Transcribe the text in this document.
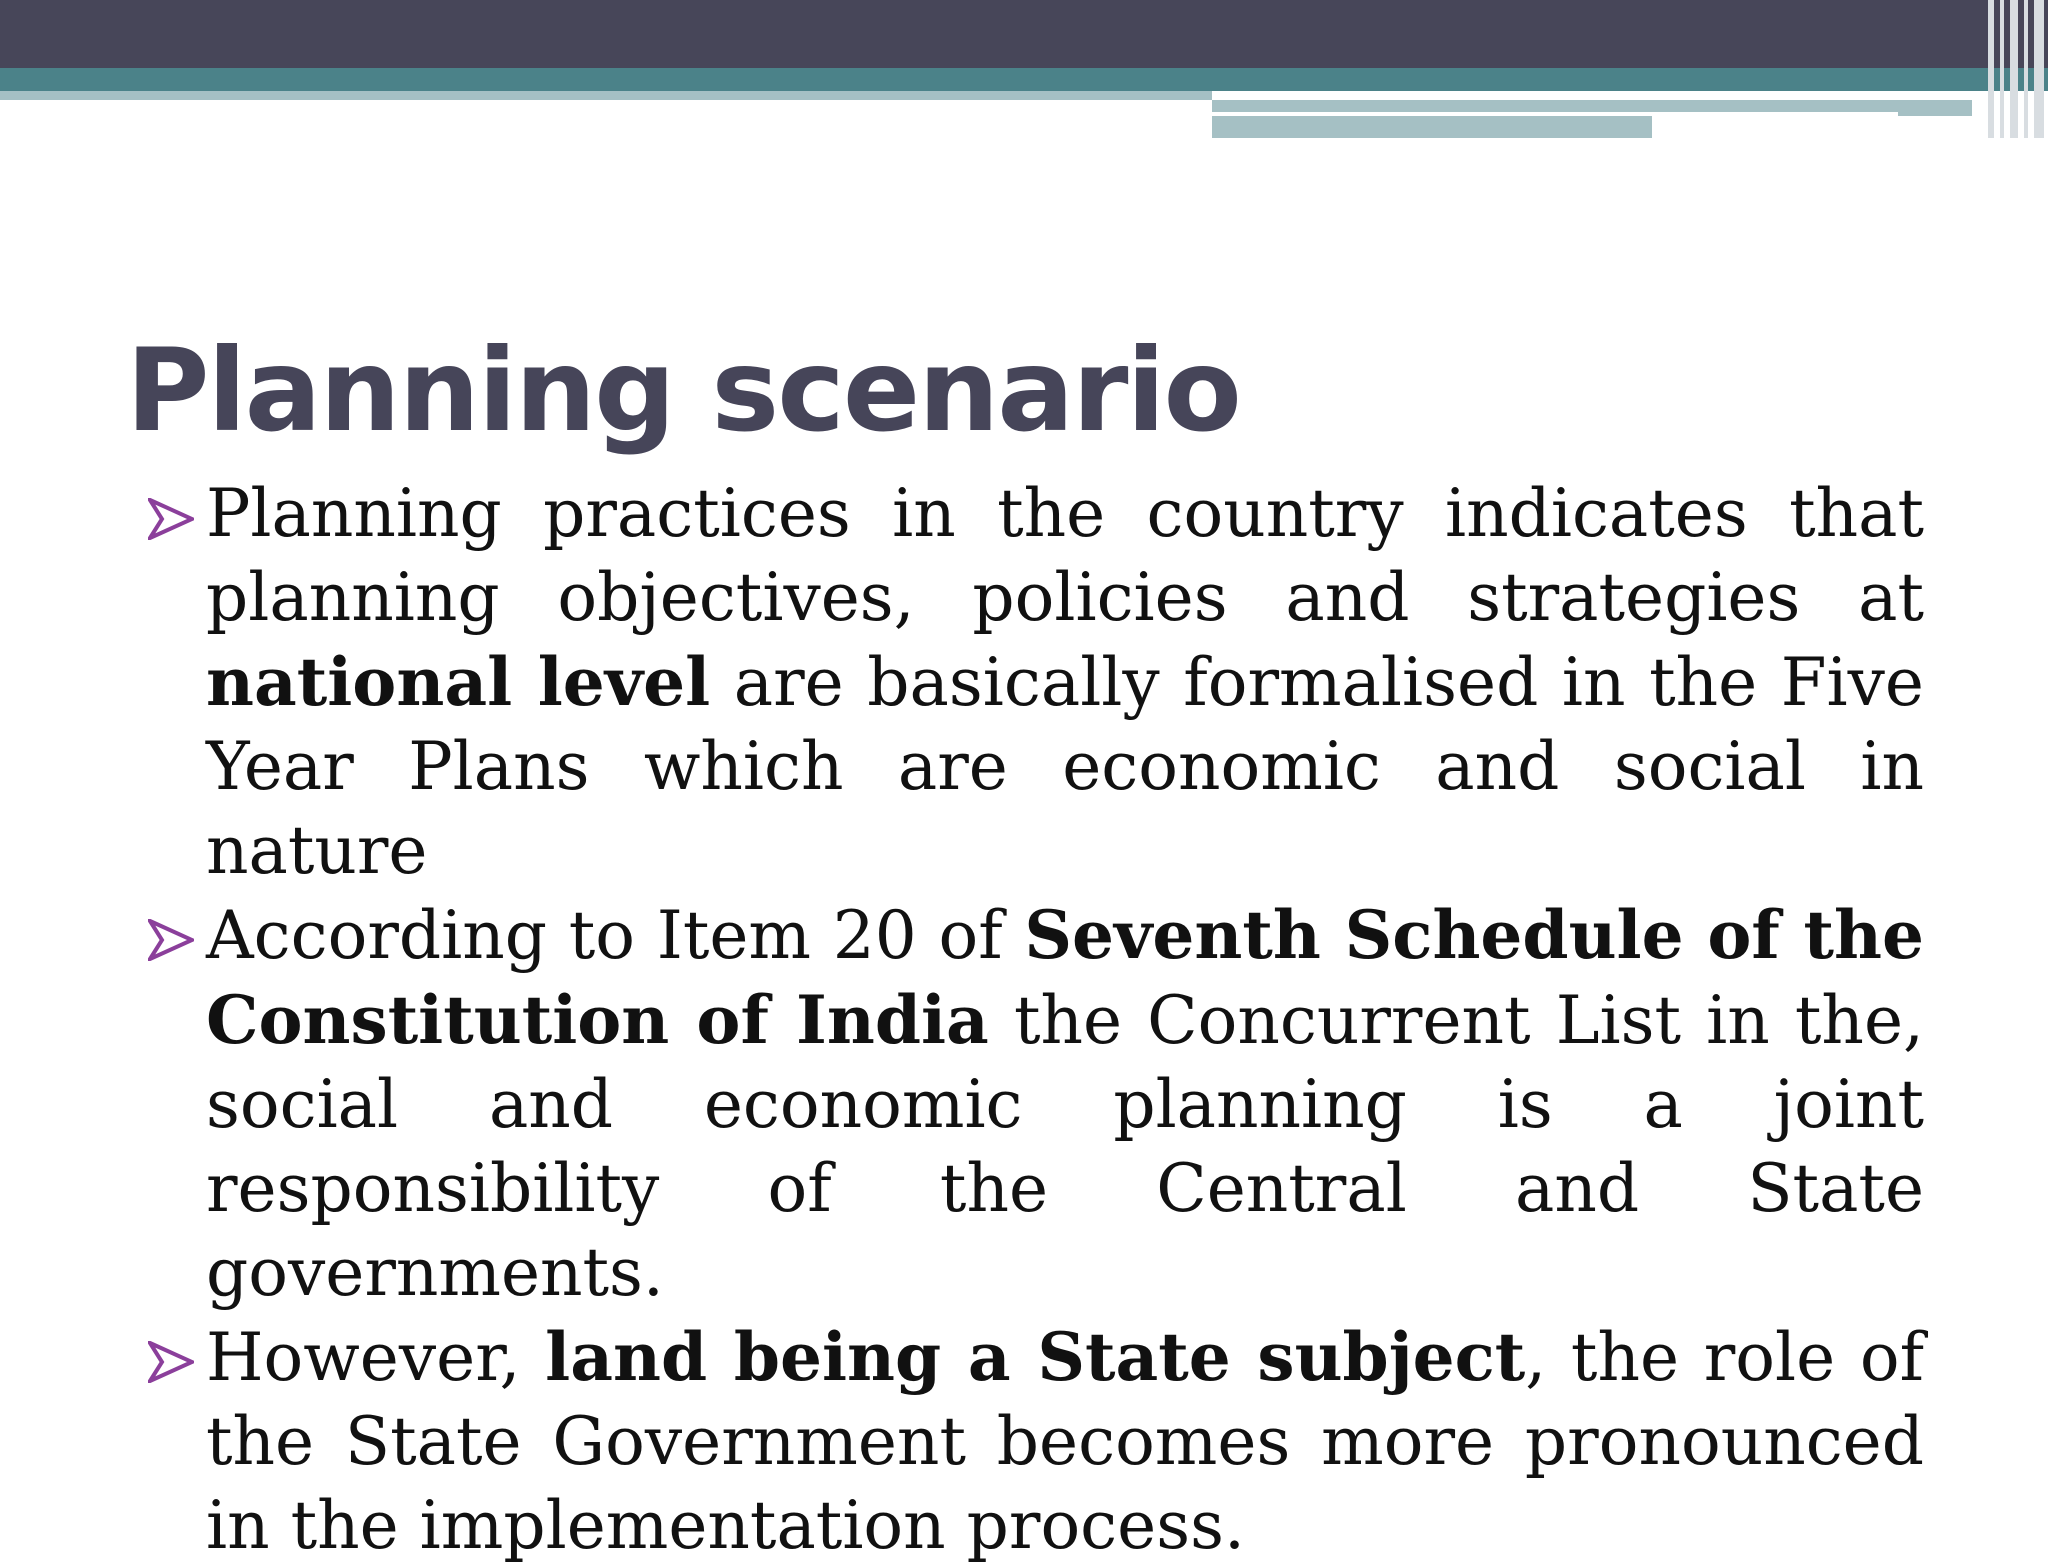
Planning scenario
Planning practices in the country indicates that planning objectives, policies and strategies at national level are basically formalised in the Five Year Plans which are economic and social in nature
According to Item 20 of Seventh Schedule of the Constitution of India the Concurrent List in the, social and economic planning is a joint responsibility of the Central and State governments.
However, land being a State subject, the role of the State Government becomes more pronounced in the implementation process.
